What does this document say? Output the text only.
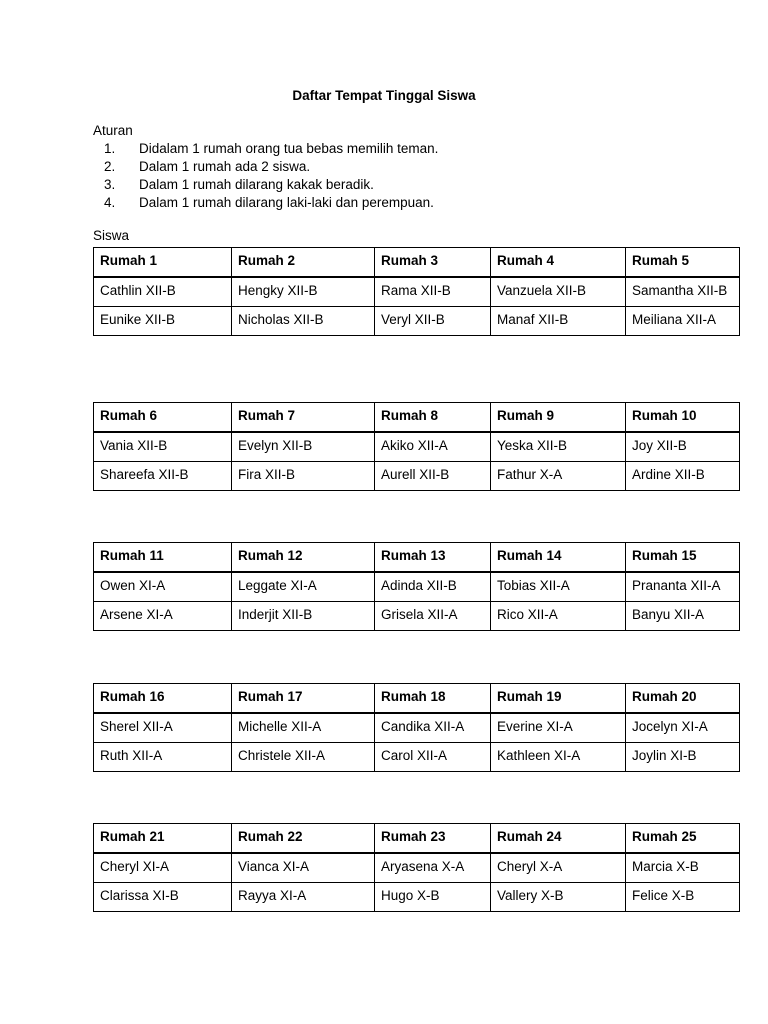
Daftar Tempat Tinggal Siswa
Aturan
1.	Didalam 1 rumah orang tua bebas memilih teman.
2.	Dalam 1 rumah ada 2 siswa.
3.	Dalam 1 rumah dilarang kakak beradik.
4.	Dalam 1 rumah dilarang laki-laki dan perempuan.
Siswa
Rumah 1	Rumah 2	Rumah 3	Rumah 4	Rumah 5
Cathlin XII-B	Hengky XII-B	Rama XII-B	Vanzuela XII-B	Samantha XII-B
Eunike XII-B	Nicholas XII-B	Veryl XII-B	Manaf XII-B	Meiliana XII-A
Rumah 6	Rumah 7	Rumah 8	Rumah 9	Rumah 10
Vania XII-B	Evelyn XII-B	Akiko XII-A	Yeska XII-B	Joy XII-B
Shareefa XII-B	Fira XII-B	Aurell XII-B	Fathur X-A	Ardine XII-B
Rumah 11	Rumah 12	Rumah 13	Rumah 14	Rumah 15
Owen XI-A	Leggate XI-A	Adinda XII-B	Tobias XII-A	Prananta XII-A
Arsene XI-A	Inderjit XII-B	Grisela XII-A	Rico XII-A	Banyu XII-A
Rumah 16	Rumah 17	Rumah 18	Rumah 19	Rumah 20
Sherel XII-A	Michelle XII-A	Candika XII-A	Everine XI-A	Jocelyn XI-A
Ruth XII-A	Christele XII-A	Carol XII-A	Kathleen XI-A	Joylin XI-B
Rumah 21	Rumah 22	Rumah 23	Rumah 24	Rumah 25
Cheryl XI-A	Vianca XI-A	Aryasena X-A	Cheryl X-A	Marcia X-B
Clarissa XI-B	Rayya XI-A	Hugo X-B	Vallery X-B	Felice X-B
